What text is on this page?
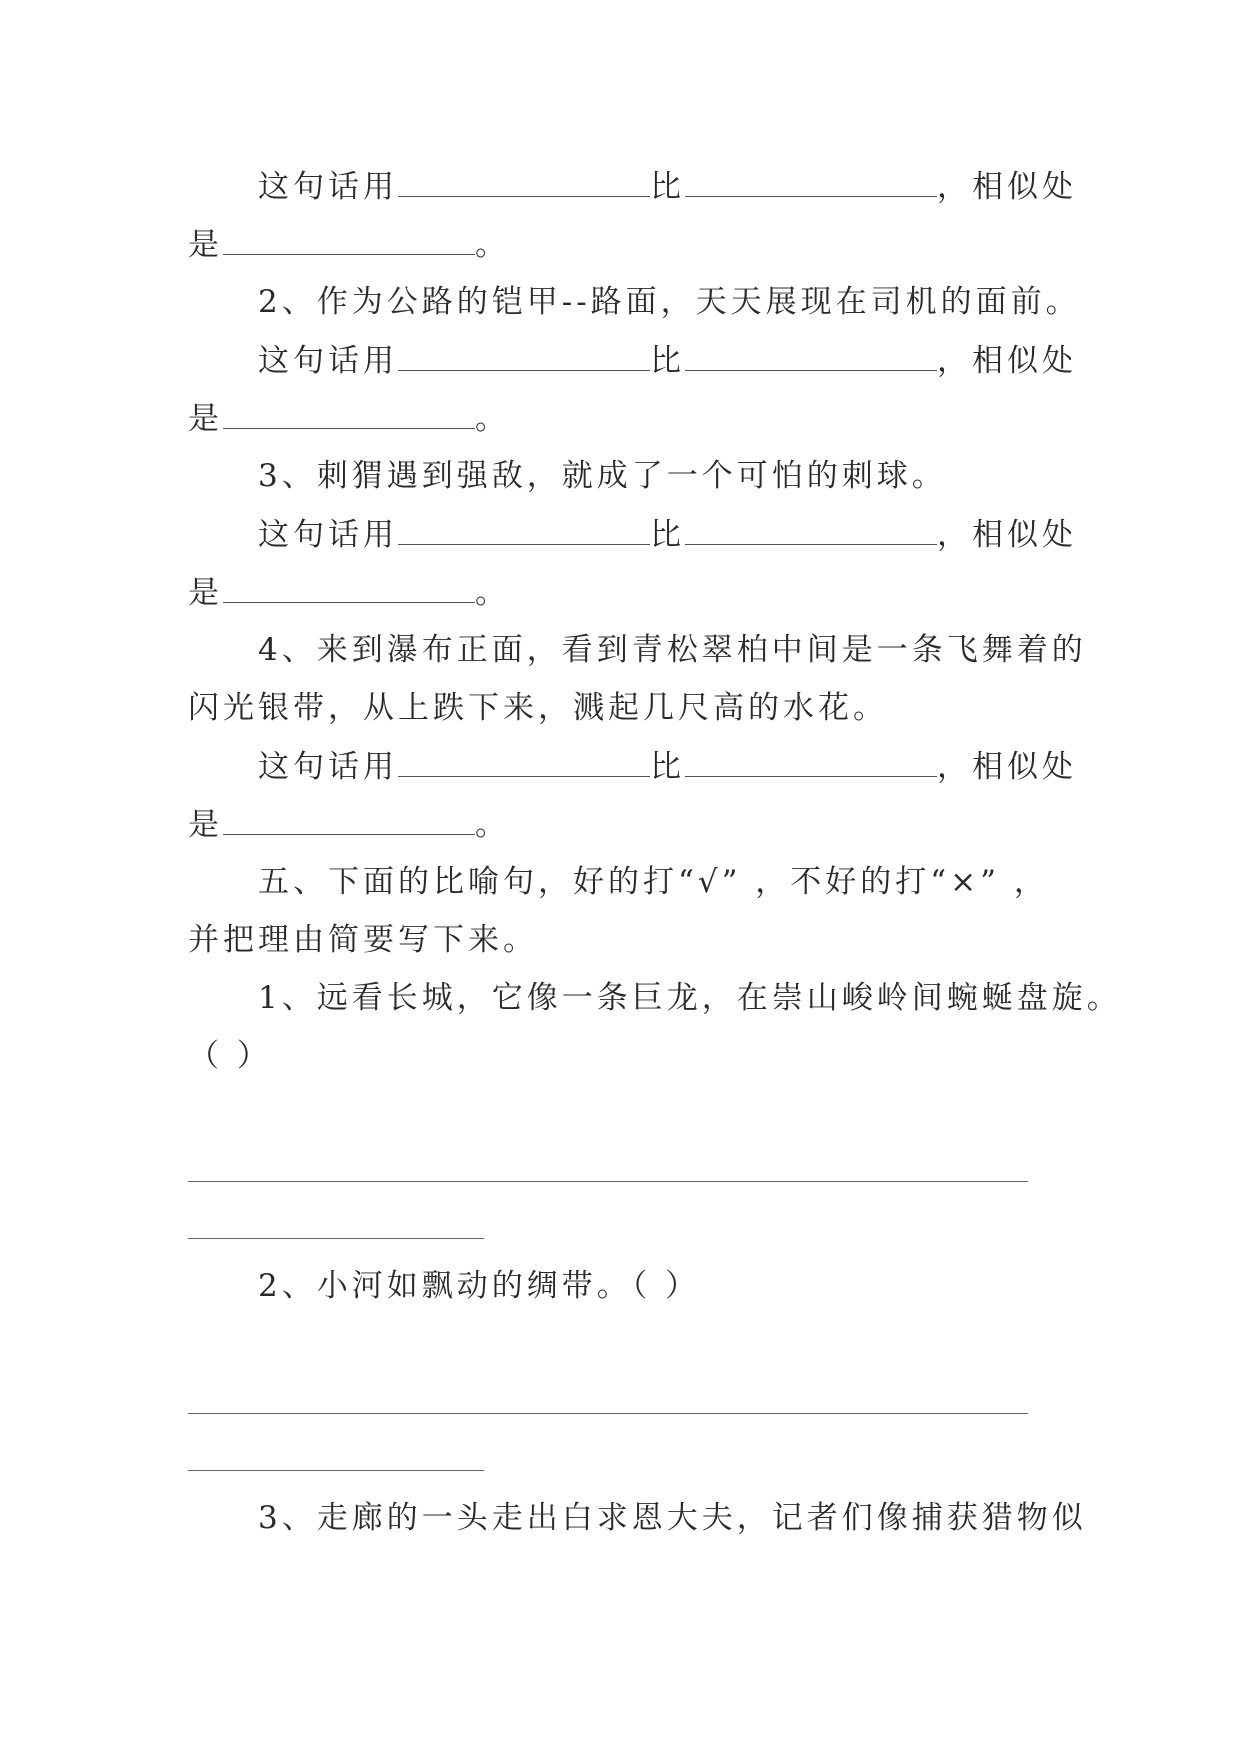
这句话用	比	，相似处
是	。
2、作为公路的铠甲--路面，天天展现在司机的面前。
这句话用	比	，相似处
是	。
3、刺猬遇到强敌，就成了一个可怕的刺球。
这句话用	比	，相似处
是	。
4、来到瀑布正面，看到青松翠柏中间是一条飞舞着的
闪光银带，从上跌下来，溅起几尺高的水花。
这句话用	比	，相似处
是	。
五、下面的比喻句，好的打“√” ，不好的打“×” ，
并把理由简要写下来。
1、远看长城，它像一条巨龙，在崇山峻岭间蜿蜒盘旋。
（ ）
2、小河如飘动的绸带。（ ）
3、走廊的一头走出白求恩大夫，记者们像捕获猎物似
